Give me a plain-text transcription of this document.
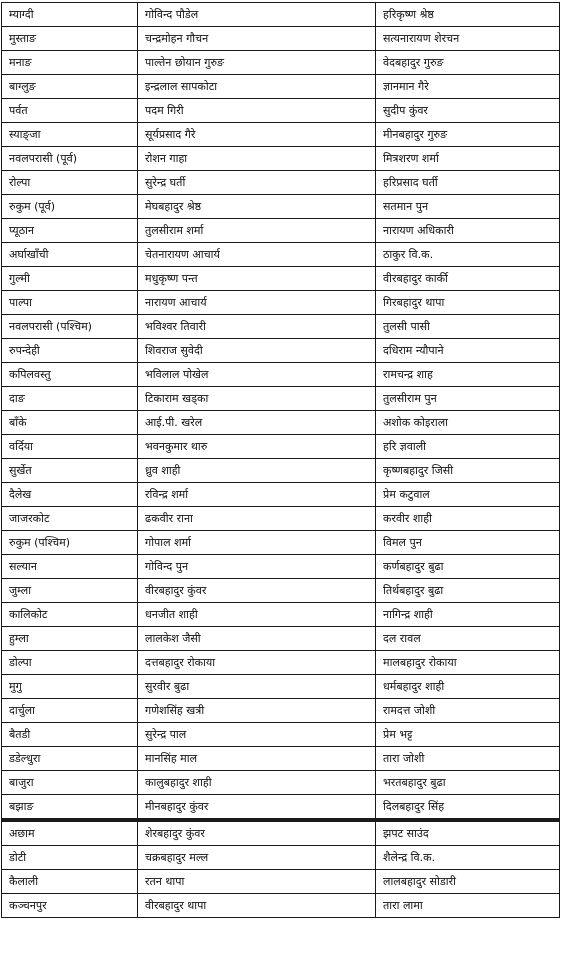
म्याग्दी	गोविन्द पौडेल	हरिकृष्ण श्रेष्ठ
मुस्ताङ	चन्द्रमोहन गौचन	सत्यनारायण शेरचन
मनाङ	पाल्तेन छोयान गुरुङ	वेदबहादुर गुरुङ
बाग्लुङ	इन्द्रलाल सापकोटा	ज्ञानमान गैरे
पर्वत	पदम गिरी	सुदीप कुंवर
स्याङ्जा	सूर्यप्रसाद गैरे	मीनबहादुर गुरुङ
नवलपरासी (पूर्व)	रोशन गाहा	मित्रशरण शर्मा
रोल्पा	सुरेन्द्र घर्ती	हरिप्रसाद घर्ती
रुकुम (पूर्व)	मेघबहादुर श्रेष्ठ	सतमान पुन
प्यूठान	तुलसीराम शर्मा	नारायण अधिकारी
अर्घाखाँची	चेतनारायण आचार्य	ठाकुर वि.क.
गुल्मी	मधुकृष्ण पन्त	वीरबहादुर कार्की
पाल्पा	नारायण आचार्य	गिरबहादुर थापा
नवलपरासी (पश्चिम)	भविश्वर तिवारी	तुलसी पासी
रुपन्देही	शिवराज सुवेदी	दधिराम न्यौपाने
कपिलवस्तु	भविलाल पोखेल	रामचन्द्र शाह
दाङ	टिकाराम खड्का	तुलसीराम पुन
बाँके	आई.पी. खरेल	अशोक कोइराला
वर्दिया	भवनकुमार थारु	हरि ज्ञवाली
सुर्खेत	ध्रुव शाही	कृष्णबहादुर जिसी
दैलेख	रविन्द्र शर्मा	प्रेम कटुवाल
जाजरकोट	ढकवीर राना	करवीर शाही
रुकुम (पश्चिम)	गोपाल शर्मा	विमल पुन
सल्यान	गोविन्द पुन	कर्णबहादुर बुढा
जुम्ला	वीरबहादुर कुंवर	तिर्थबहादुर बुढा
कालिकोट	धनजीत शाही	नागिन्द्र शाही
हुम्ला	लालकेश जैसी	दल रावल
डोल्पा	दत्तबहादुर रोकाया	मालबहादुर रोकाया
मुगु	सुरवीर बुढा	धर्मबहादुर शाही
दार्चुला	गणेशसिंह खत्री	रामदत्त जोशी
बैतडी	सुरेन्द्र पाल	प्रेम भट्ट
डडेल्धुरा	मानसिंह माल	तारा जोशी
बाजुरा	कालुबहादुर शाही	भरतबहादुर बुढा
बझाङ	मीनबहादुर कुंवर	दिलबहादुर सिंह
अछाम	शेरबहादुर कुंवर	झपट साउंद
डोटी	चक्रबहादुर मल्ल	शैलेन्द्र वि.क.
कैलाली	रतन थापा	लालबहादुर सोडारी
कञ्चनपुर	वीरबहादुर थापा	तारा लामा
